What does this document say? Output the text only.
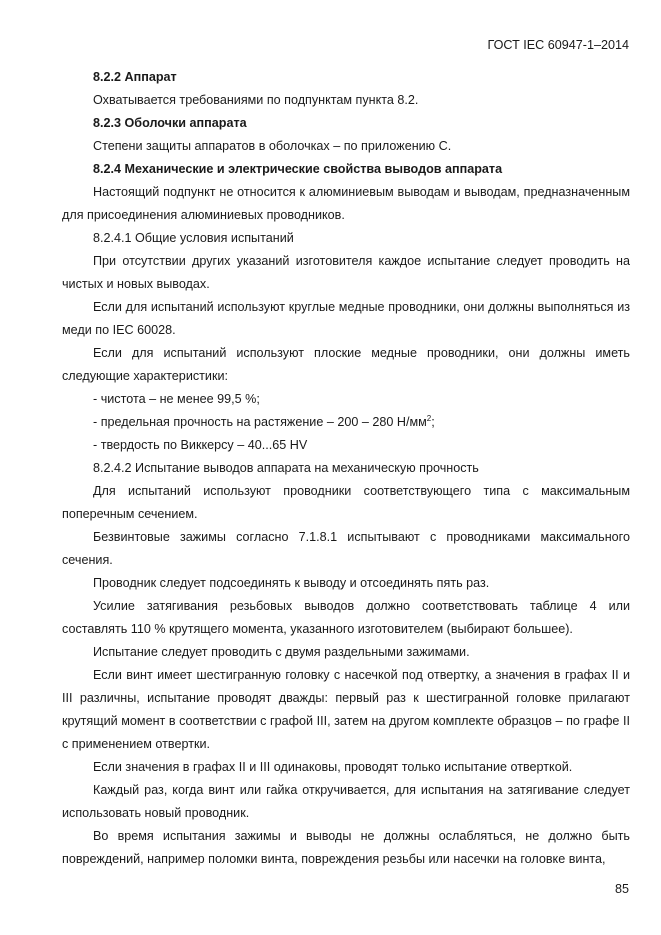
ГОСТ IEC 60947-1–2014

8.2.2 Аппарат

Охватывается требованиями по подпунктам пункта 8.2.

8.2.3 Оболочки аппарата

Степени защиты аппаратов в оболочках – по приложению С.

8.2.4 Механические и электрические свойства выводов аппарата

Настоящий подпункт не относится к алюминиевым выводам и выводам, предназначенным для присоединения алюминиевых проводников.

8.2.4.1 Общие условия испытаний

При отсутствии других указаний изготовителя каждое испытание следует проводить на чистых и новых выводах.

Если для испытаний используют круглые медные проводники, они должны выполняться из меди по IEC 60028.

Если для испытаний используют плоские медные проводники, они должны иметь следующие характеристики:

- чистота – не менее 99,5 %;

- предельная прочность на растяжение – 200 – 280 $Н/мм^2$;

- твердость по Виккерсу – 40...65 HV

8.2.4.2 Испытание выводов аппарата на механическую прочность

Для испытаний используют проводники соответствующего типа с максимальным поперечным сечением.

Безвинтовые зажимы согласно 7.1.8.1 испытывают с проводниками максимального сечения.

Проводник следует подсоединять к выводу и отсоединять пять раз.

Усилие затягивания резьбовых выводов должно соответствовать таблице 4 или составлять 110 % крутящего момента, указанного изготовителем (выбирают большее).

Испытание следует проводить с двумя раздельными зажимами.

Если винт имеет шестигранную головку с насечкой под отвертку, а значения в графах II и III различны, испытание проводят дважды: первый раз к шестигранной головке прилагают крутящий момент в соответствии с графой III, затем на другом комплекте образцов – по графе II с применением отвертки.

Если значения в графах II и III одинаковы, проводят только испытание отверткой.

Каждый раз, когда винт или гайка откручивается, для испытания на затягивание следует использовать новый проводник.

Во время испытания зажимы и выводы не должны ослабляться, не должно быть повреждений, например поломки винта, повреждения резьбы или насечки на головке винта,

85
